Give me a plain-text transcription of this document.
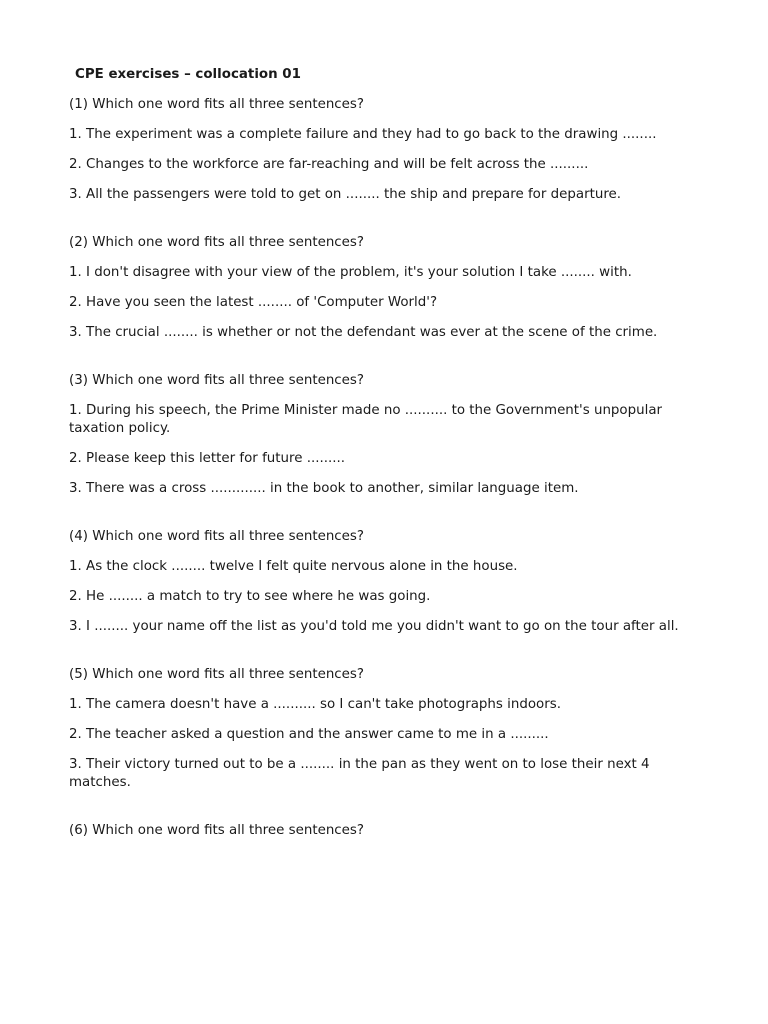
CPE exercises – collocation 01
(1) Which one word fits all three sentences?
1. The experiment was a complete failure and they had to go back to the drawing ........
2. Changes to the workforce are far-reaching and will be felt across the .........
3. All the passengers were told to get on ........ the ship and prepare for departure.
(2) Which one word fits all three sentences?
1. I don't disagree with your view of the problem, it's your solution I take ........ with.
2. Have you seen the latest ........ of 'Computer World'?
3. The crucial ........ is whether or not the defendant was ever at the scene of the crime.
(3) Which one word fits all three sentences?
1. During his speech, the Prime Minister made no .......... to the Government's unpopular taxation policy.
2. Please keep this letter for future .........
3. There was a cross ............. in the book to another, similar language item.
(4) Which one word fits all three sentences?
1. As the clock ........ twelve I felt quite nervous alone in the house.
2. He ........ a match to try to see where he was going.
3. I ........ your name off the list as you'd told me you didn't want to go on the tour after all.
(5) Which one word fits all three sentences?
1. The camera doesn't have a .......... so I can't take photographs indoors.
2. The teacher asked a question and the answer came to me in a .........
3. Their victory turned out to be a ........ in the pan as they went on to lose their next 4 matches.
(6) Which one word fits all three sentences?
